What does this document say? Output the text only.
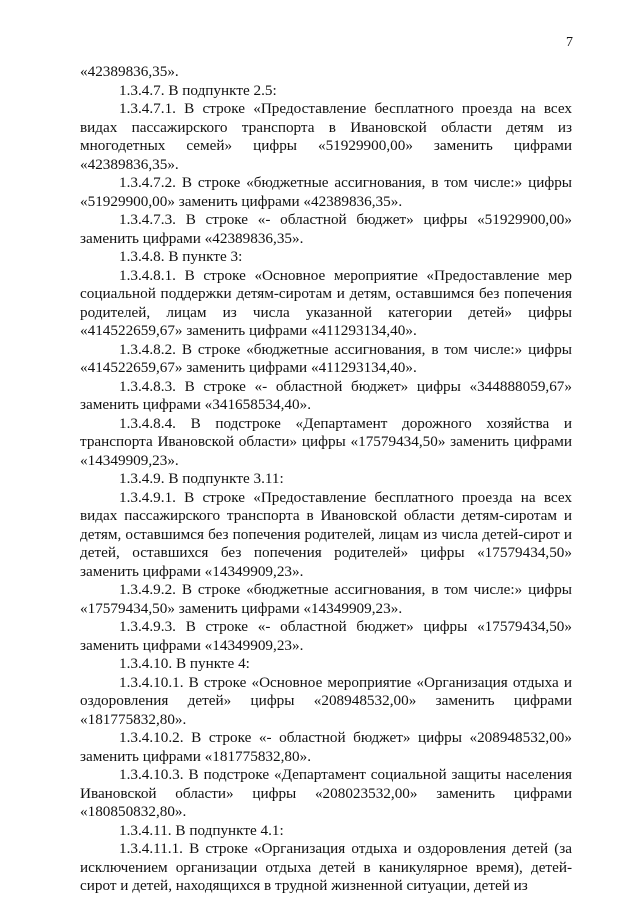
7

«42389836,35».

1.3.4.7. В подпункте 2.5:

1.3.4.7.1. В строке «Предоставление бесплатного проезда на всех видах пассажирского транспорта в Ивановской области детям из многодетных семей» цифры «51929900,00» заменить цифрами «42389836,35».

1.3.4.7.2. В строке «бюджетные ассигнования, в том числе:» цифры «51929900,00» заменить цифрами «42389836,35».

1.3.4.7.3. В строке «- областной бюджет» цифры «51929900,00» заменить цифрами «42389836,35».

1.3.4.8. В пункте 3:

1.3.4.8.1. В строке «Основное мероприятие «Предоставление мер социальной поддержки детям-сиротам и детям, оставшимся без попечения родителей, лицам из числа указанной категории детей» цифры «414522659,67» заменить цифрами «411293134,40».

1.3.4.8.2. В строке «бюджетные ассигнования, в том числе:» цифры «414522659,67» заменить цифрами «411293134,40».

1.3.4.8.3. В строке «- областной бюджет» цифры «344888059,67» заменить цифрами «341658534,40».

1.3.4.8.4. В подстроке «Департамент дорожного хозяйства и транспорта Ивановской области» цифры «17579434,50» заменить цифрами «14349909,23».

1.3.4.9. В подпункте 3.11:

1.3.4.9.1. В строке «Предоставление бесплатного проезда на всех видах пассажирского транспорта в Ивановской области детям-сиротам и детям, оставшимся без попечения родителей, лицам из числа детей-сирот и детей, оставшихся без попечения родителей» цифры «17579434,50» заменить цифрами «14349909,23».

1.3.4.9.2. В строке «бюджетные ассигнования, в том числе:» цифры «17579434,50» заменить цифрами «14349909,23».

1.3.4.9.3. В строке «- областной бюджет» цифры «17579434,50» заменить цифрами «14349909,23».

1.3.4.10. В пункте 4:

1.3.4.10.1. В строке «Основное мероприятие «Организация отдыха и оздоровления детей» цифры «208948532,00» заменить цифрами «181775832,80».

1.3.4.10.2. В строке «- областной бюджет» цифры «208948532,00» заменить цифрами «181775832,80».

1.3.4.10.3. В подстроке «Департамент социальной защиты населения Ивановской области» цифры «208023532,00» заменить цифрами «180850832,80».

1.3.4.11. В подпункте 4.1:

1.3.4.11.1. В строке «Организация отдыха и оздоровления детей (за исключением организации отдыха детей в каникулярное время), детей-сирот и детей, находящихся в трудной жизненной ситуации, детей из
